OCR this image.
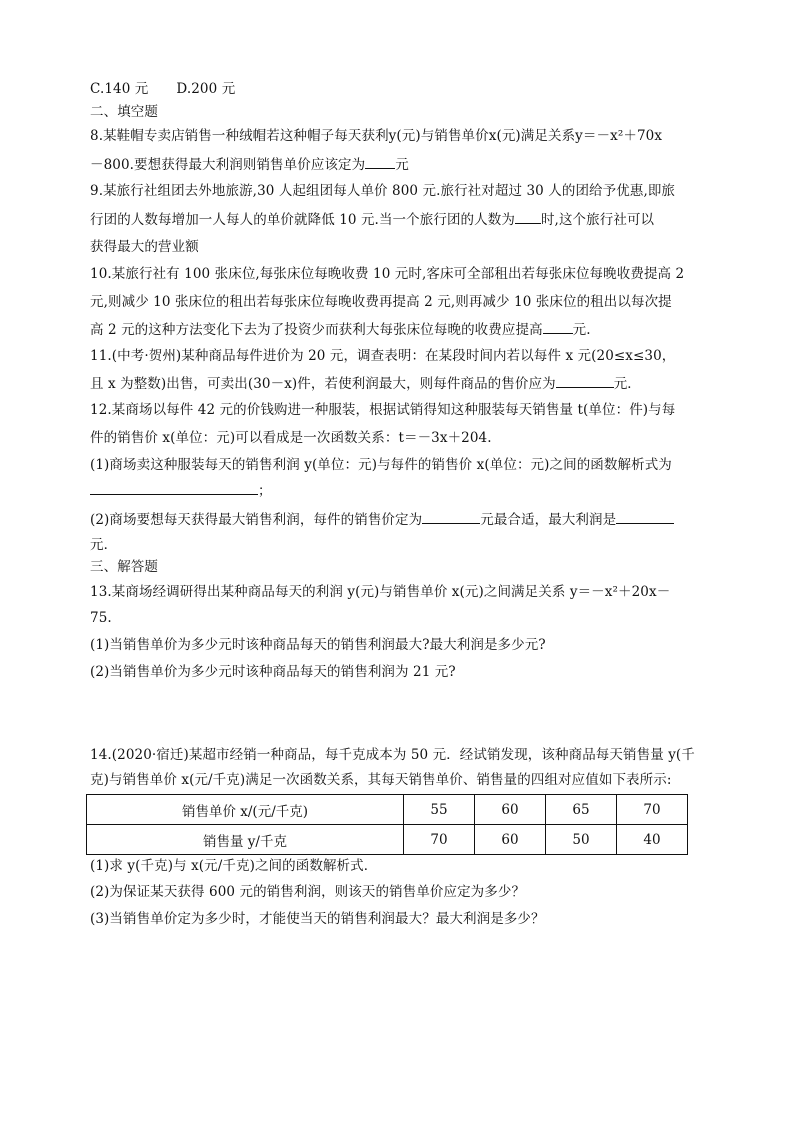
C.140 元 D.200 元
二、填空题
8.某鞋帽专卖店销售一种绒帽若这种帽子每天获利y(元)与销售单价x(元)满足关系y＝－x²＋70x
－800.要想获得最大利润则销售单价应该定为 元
9.某旅行社组团去外地旅游,30 人起组团每人单价 800 元.旅行社对超过 30 人的团给予优惠,即旅
行团的人数每增加一人每人的单价就降低 10 元.当一个旅行团的人数为 时,这个旅行社可以
获得最大的营业额
10.某旅行社有 100 张床位,每张床位每晚收费 10 元时,客床可全部租出若每张床位每晚收费提高 2
元,则减少 10 张床位的租出若每张床位每晚收费再提高 2 元,则再减少 10 张床位的租出以每次提
高 2 元的这种方法变化下去为了投资少而获利大每张床位每晚的收费应提高 元.
11.(中考·贺州)某种商品每件进价为 20 元，调查表明：在某段时间内若以每件 x 元(20≤x≤30，
且 x 为整数)出售，可卖出(30－x)件，若使利润最大，则每件商品的售价应为	元．
12.某商场以每件 42 元的价钱购进一种服装，根据试销得知这种服装每天销售量 t(单位：件)与每
件的销售价 x(单位：元)可以看成是一次函数关系：t＝－3x＋204.
(1)商场卖这种服装每天的销售利润 y(单位：元)与每件的销售价 x(单位：元)之间的函数解析式为
；
(2)商场要想每天获得最大销售利润，每件的销售价定为	元最合适，最大利润是
元．
三、解答题
13.某商场经调研得出某种商品每天的利润 y(元)与销售单价 x(元)之间满足关系 y＝－x²＋20x－
75.
(1)当销售单价为多少元时该种商品每天的销售利润最大?最大利润是多少元?
(2)当销售单价为多少元时该种商品每天的销售利润为 21 元?
14.(2020·宿迁)某超市经销一种商品，每千克成本为 50 元．经试销发现，该种商品每天销售量 y(千
克)与销售单价 x(元/千克)满足一次函数关系，其每天销售单价、销售量的四组对应值如下表所示:
销售单价 x/(元/千克)	55	60	65	70
销售量 y/千克	70	60	50	40
(1)求 y(千克)与 x(元/千克)之间的函数解析式．
(2)为保证某天获得 600 元的销售利润，则该天的销售单价应定为多少？
(3)当销售单价定为多少时，才能使当天的销售利润最大？最大利润是多少？
